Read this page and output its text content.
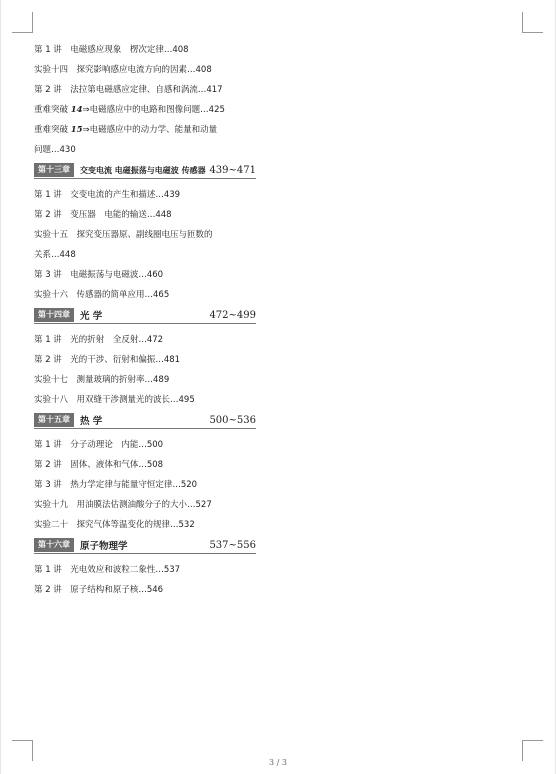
第 1 讲　电磁感应现象　楞次定律…408
实验十四　探究影响感应电流方向的因素…408
第 2 讲　法拉第电磁感应定律、自感和涡流…417
重难突破 14⇒电磁感应中的电路和图像问题…425
重难突破 15⇒电磁感应中的动力学、能量和动量
问题…430
第十三章	交变电流 电磁振荡与电磁波 传感器 439~471
第 1 讲　交变电流的产生和描述…439
第 2 讲　变压器　电能的输送…448
实验十五　探究变压器原、副线圈电压与匝数的
关系…448
第 3 讲　电磁振荡与电磁波…460
实验十六　传感器的简单应用…465
第十四章	光 学	472~499
第 1 讲　光的折射　全反射…472
第 2 讲　光的干涉、衍射和偏振…481
实验十七　测量玻璃的折射率…489
实验十八　用双缝干涉测量光的波长…495
第十五章	热 学	500~536
第 1 讲　分子动理论　内能…500
第 2 讲　固体、液体和气体…508
第 3 讲　热力学定律与能量守恒定律…520
实验十九　用油膜法估测油酸分子的大小…527
实验二十　探究气体等温变化的规律…532
第十六章	原子物理学	537~556
第 1 讲　光电效应和波粒二象性…537
第 2 讲　原子结构和原子核…546
3 / 3
